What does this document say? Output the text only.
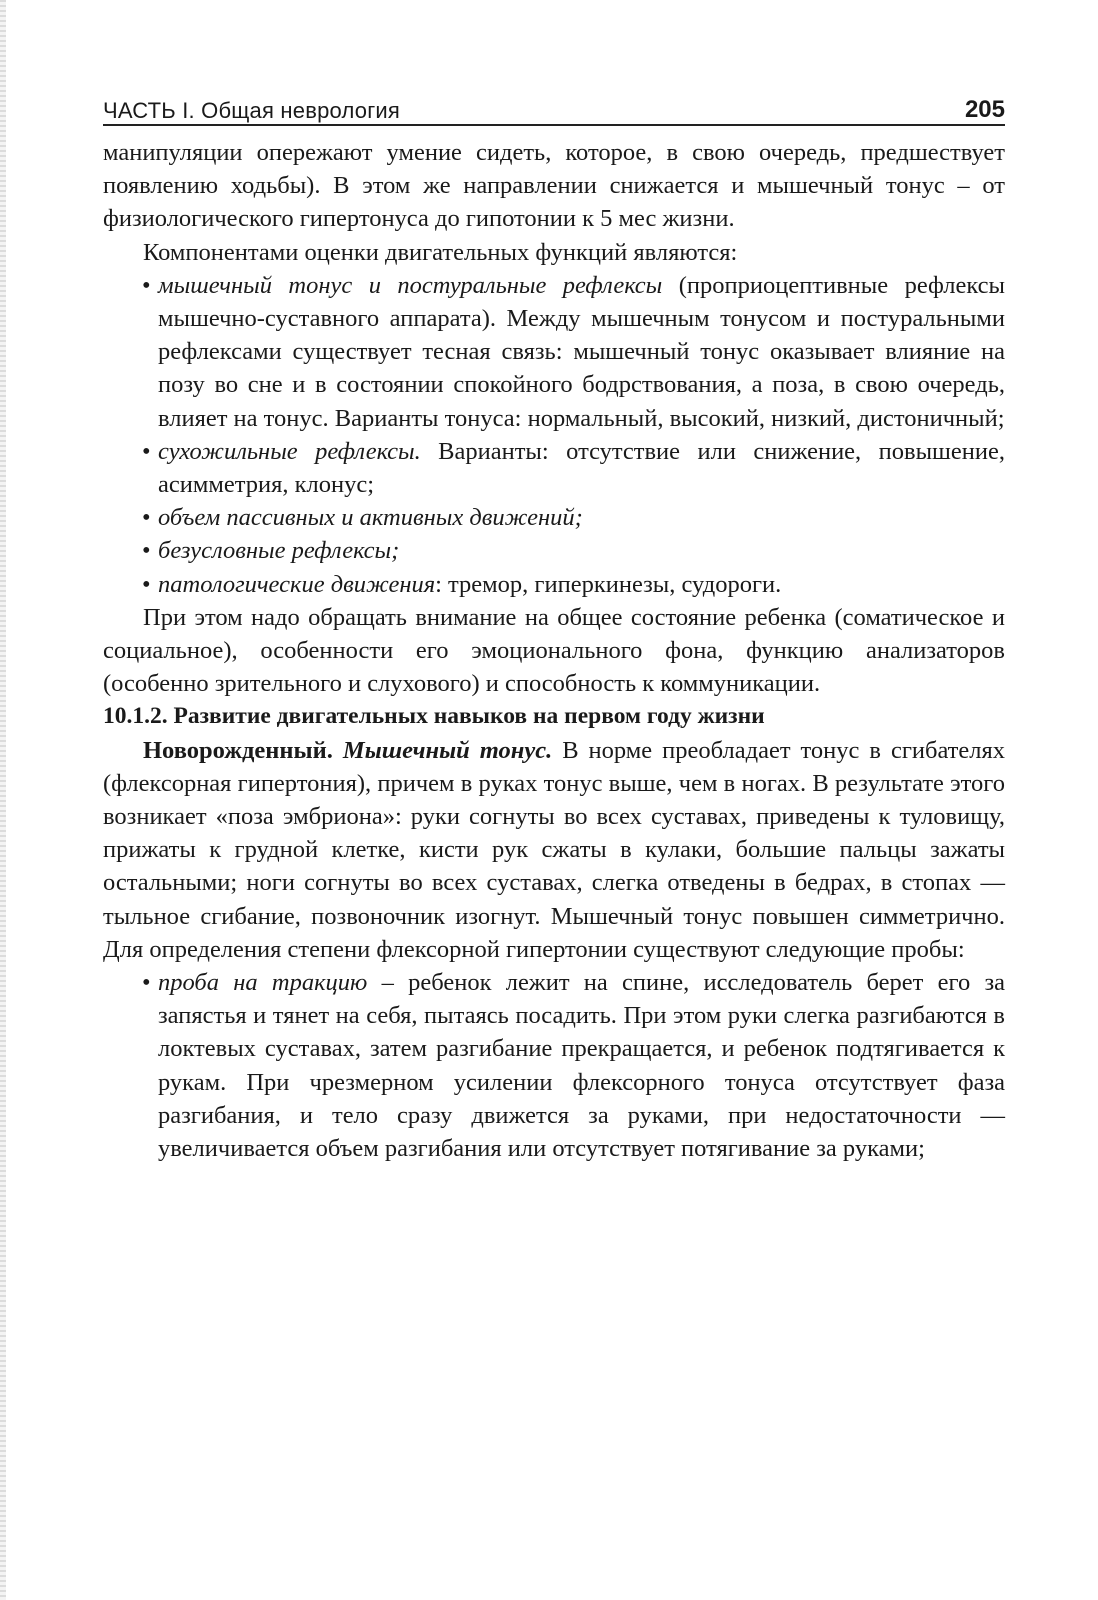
ЧАСТЬ I. Общая неврология	205

манипуляции опережают умение сидеть, которое, в свою очередь, предшествует появлению ходьбы). В этом же направлении снижается и мышечный тонус – от физиологического гипертонуса до гипотонии к 5 мес жизни.

Компонентами оценки двигательных функций являются:

• мышечный тонус и постуральные рефлексы (проприоцептивные рефлексы мышечно-суставного аппарата). Между мышечным тонусом и постуральными рефлексами существует тесная связь: мышечный тонус оказывает влияние на позу во сне и в состоянии спокойного бодрствования, а поза, в свою очередь, влияет на тонус. Варианты тонуса: нормальный, высокий, низкий, дистоничный;
• сухожильные рефлексы. Варианты: отсутствие или снижение, повышение, асимметрия, клонус;
• объем пассивных и активных движений;
• безусловные рефлексы;
• патологические движения: тремор, гиперкинезы, судороги.

При этом надо обращать внимание на общее состояние ребенка (соматическое и социальное), особенности его эмоционального фона, функцию анализаторов (особенно зрительного и слухового) и способность к коммуникации.

10.1.2. Развитие двигательных навыков на первом году жизни

Новорожденный. Мышечный тонус. В норме преобладает тонус в сгибателях (флексорная гипертония), причем в руках тонус выше, чем в ногах. В результате этого возникает «поза эмбриона»: руки согнуты во всех суставах, приведены к туловищу, прижаты к грудной клетке, кисти рук сжаты в кулаки, большие пальцы зажаты остальными; ноги согнуты во всех суставах, слегка отведены в бедрах, в стопах — тыльное сгибание, позвоночник изогнут. Мышечный тонус повышен симметрично. Для определения степени флексорной гипертонии существуют следующие пробы:

• проба на тракцию – ребенок лежит на спине, исследователь берет его за запястья и тянет на себя, пытаясь посадить. При этом руки слегка разгибаются в локтевых суставах, затем разгибание прекращается, и ребенок подтягивается к рукам. При чрезмерном усилении флексорного тонуса отсутствует фаза разгибания, и тело сразу движется за руками, при недостаточности — увеличивается объем разгибания или отсутствует потягивание за руками;
